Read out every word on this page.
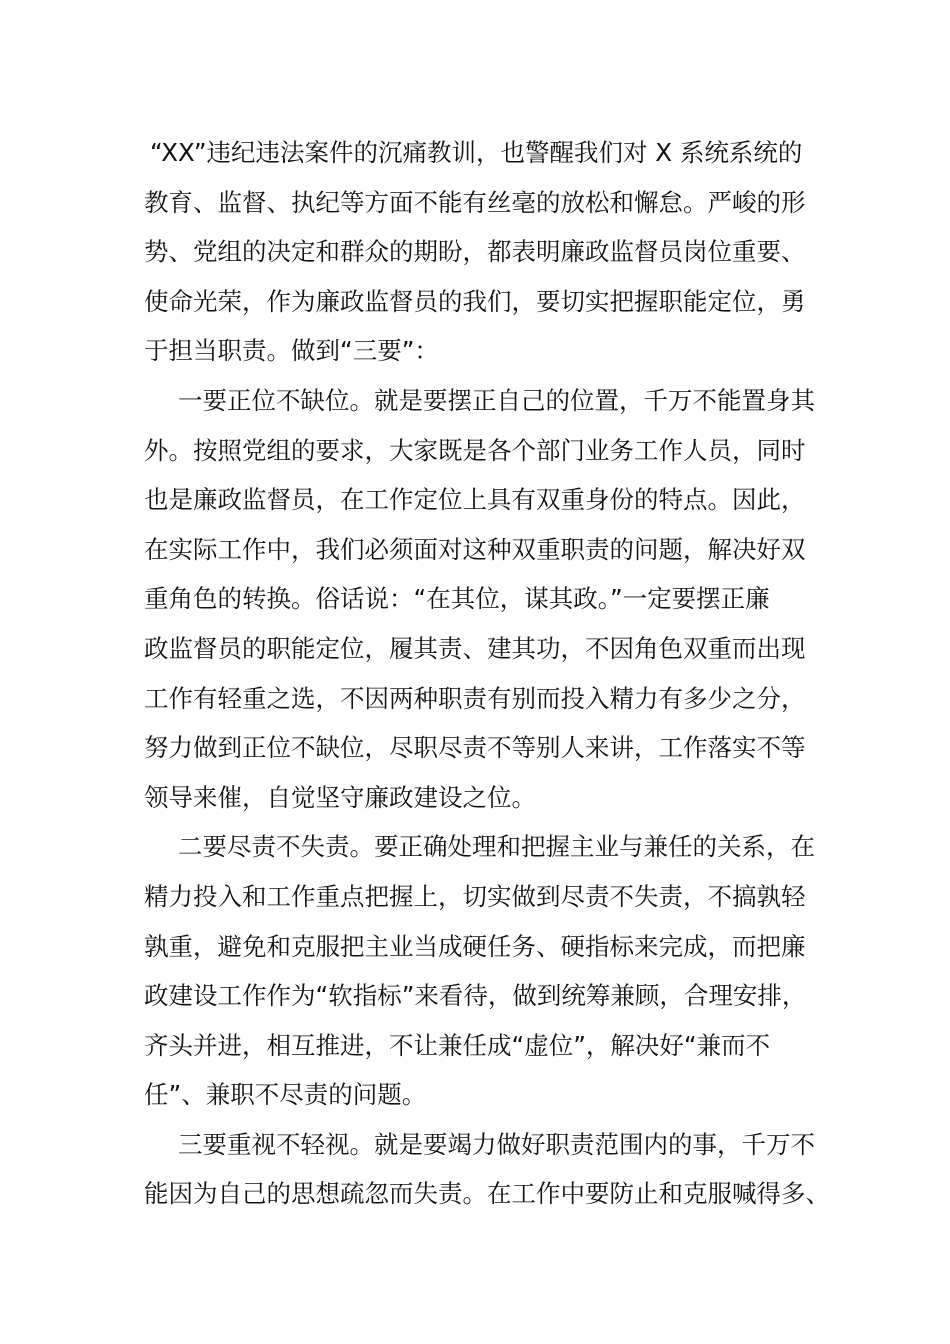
“XX”违纪违法案件的沉痛教训，也警醒我们对 X 系统系统的
教育、监督、执纪等方面不能有丝毫的放松和懈怠。严峻的形
势、党组的决定和群众的期盼，都表明廉政监督员岗位重要、
使命光荣，作为廉政监督员的我们，要切实把握职能定位，勇
于担当职责。做到“三要”：
一要正位不缺位。就是要摆正自己的位置，千万不能置身其
外。按照党组的要求，大家既是各个部门业务工作人员，同时
也是廉政监督员，在工作定位上具有双重身份的特点。因此，
在实际工作中，我们必须面对这种双重职责的问题，解决好双
重角色的转换。俗话说：“在其位，谋其政。”一定要摆正廉
政监督员的职能定位，履其责、建其功，不因角色双重而出现
工作有轻重之选，不因两种职责有别而投入精力有多少之分，
努力做到正位不缺位，尽职尽责不等别人来讲，工作落实不等
领导来催，自觉坚守廉政建设之位。
二要尽责不失责。要正确处理和把握主业与兼任的关系，在
精力投入和工作重点把握上，切实做到尽责不失责，不搞孰轻
孰重，避免和克服把主业当成硬任务、硬指标来完成，而把廉
政建设工作作为“软指标”来看待，做到统筹兼顾，合理安排，
齐头并进，相互推进，不让兼任成“虚位”，解决好“兼而不
任”、兼职不尽责的问题。
三要重视不轻视。就是要竭力做好职责范围内的事，千万不
能因为自己的思想疏忽而失责。在工作中要防止和克服喊得多、
